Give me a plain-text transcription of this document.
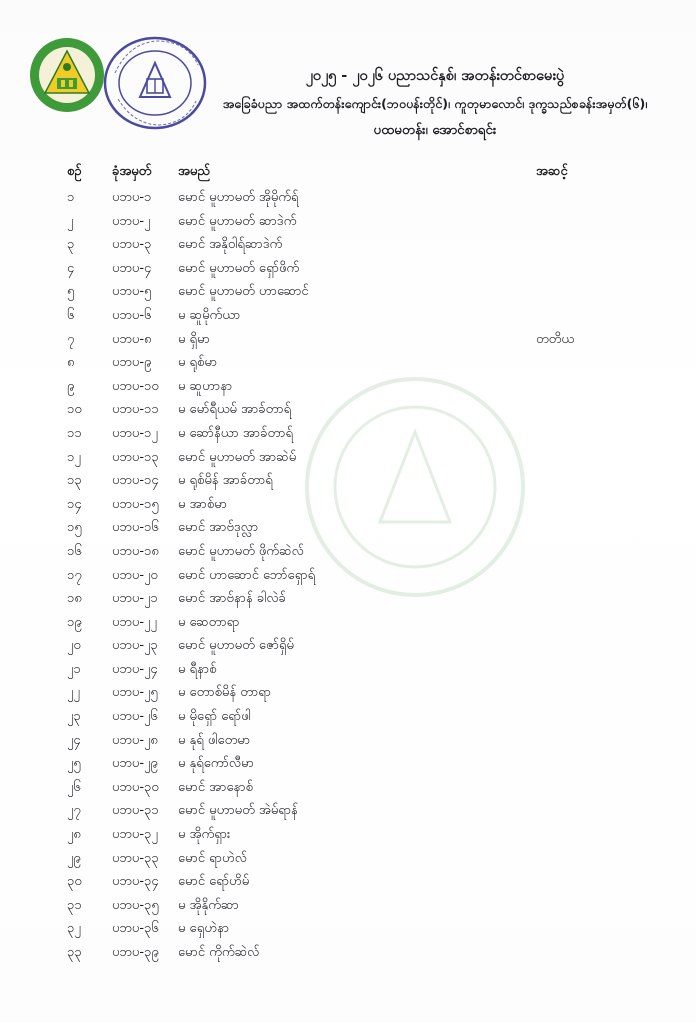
၂၀၂၅ - ၂၀၂၆ ပညာသင်နှစ်၊ အတန်းတင်စာမေးပွဲ
အခြေခံပညာ အထက်တန်းကျောင်း(ဘဝပန်းတိုင်)၊ ကူတုမာလောင်၊ ဒုက္ခသည်စခန်းအမှတ်(၆)၊
ပထမတန်း၊ အောင်စာရင်း
စဉ်	ခုံအမှတ် အမည်	အဆင့်
၁	ပဘပ-၁ မောင် မူဟာမတ် အိုမိုက်ရ်
၂	ပဘပ-၂ မောင် မူဟာမတ် ဆာဒဲက်
၃	ပဘပ-၃ မောင် အနိုဝါရ်ဆာဒဲက်
၄	ပဘပ-၄ မောင် မူဟာမတ် ရှော်ဖိက်
၅	ပဘပ-၅ မောင် မူဟာမတ် ဟာဆောင်
၆	ပဘပ-၆ မ ဆူမိုက်ယာ
၇	ပဘပ-၈ မ ရှိမာ	တတိယ
၈	ပဘပ-၉ မ ရုစ်မာ
၉	ပဘပ-၁၀ မ ဆူဟာနာ
၁၀	ပဘပ-၁၁ မ မော်ရီယမ် အာခ်တာရ်
၁၁	ပဘပ-၁၂ မ ဆော်နီယာ အာခ်တာရ်
၁၂	ပဘပ-၁၃ မောင် မူဟာမတ် အာဆဲမ်
၁၃	ပဘပ-၁၄ မ ရုစ်မိန် အာခ်တာရ်
၁၄	ပဘပ-၁၅ မ အာစ်မာ
၁၅	ပဘပ-၁၆ မောင် အာဗ်ဒုလ္လာ
၁၆	ပဘပ-၁၈ မောင် မူဟာမတ် ဖိုက်ဆဲလ်
၁၇	ပဘပ-၂၀ မောင် ဟာဆောင် ဘော်ရှောရ်
၁၈	ပဘပ-၂၁ မောင် အာဗ်နာန် ခါလဲခ်
၁၉	ပဘပ-၂၂ မ ဆေတာရာ
၂၀	ပဘပ-၂၃ မောင် မူဟာမတ် ဇော်ရှိမ်
၂၁	ပဘပ-၂၄ မ ရီနာစ်
၂၂	ပဘပ-၂၅ မ တောစ်မိန် တာရာ
၂၃	ပဘပ-၂၆ မ မိုရှော် ရော်ဖါ
၂၄	ပဘပ-၂၈ မ နုရ် ဖါတေမာ
၂၅	ပဘပ-၂၉ မ နုရ်ကော်လီမာ
၂၆	ပဘပ-၃၀ မောင် အာနောစ်
၂၇	ပဘပ-၃၁ မောင် မူဟာမတ် အဲမ်ရာန်
၂၈	ပဘပ-၃၂ မ အိုက်ရှား
၂၉	ပဘပ-၃၃ မောင် ရာဟဲလ်
၃၀	ပဘပ-၃၄ မောင် ရော်ဟိမ်
၃၁	ပဘပ-၃၅ မ အိုနိုက်ဆာ
၃၂	ပဘပ-၃၆ မ ရှေဟဲနာ
၃၃	ပဘပ-၃၉ မောင် ကိုက်ဆဲလ်
